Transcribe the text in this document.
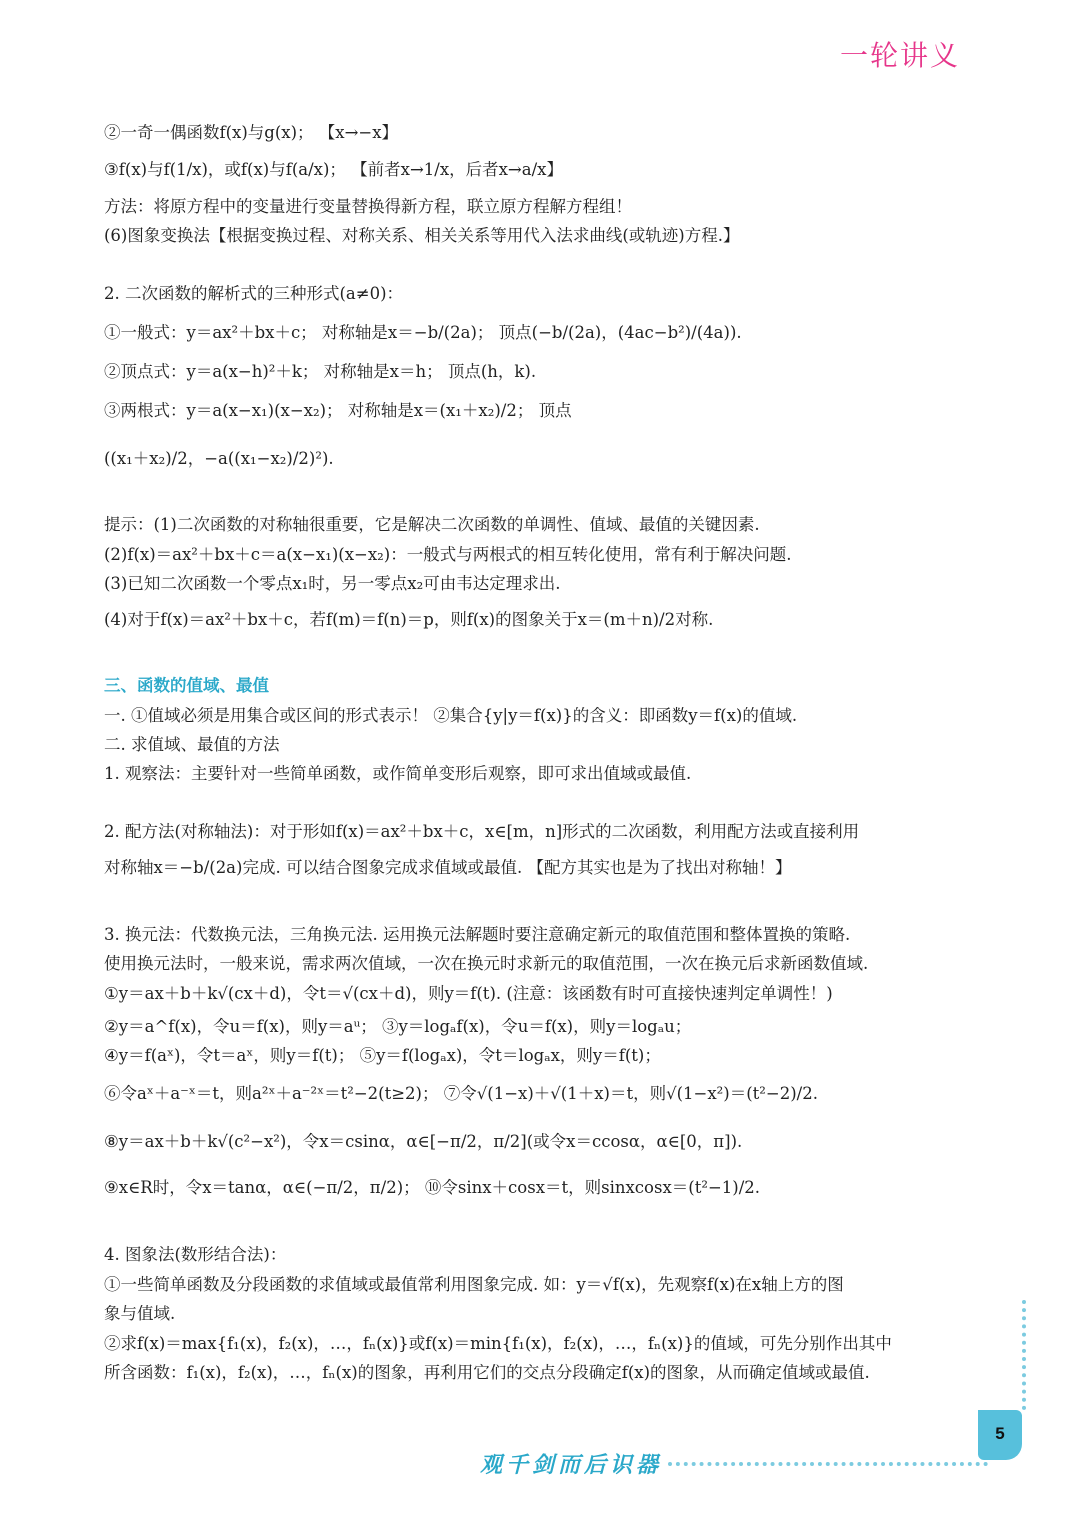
一轮讲义
②一奇一偶函数f(x)与g(x)； 【x→−x】
③f(x)与f(1/x)，或f(x)与f(a/x)； 【前者x→1/x，后者x→a/x】
方法：将原方程中的变量进行变量替换得新方程，联立原方程解方程组！
(6)图象变换法【根据变换过程、对称关系、相关关系等用代入法求曲线(或轨迹)方程.】
2. 二次函数的解析式的三种形式(a≠0)：
①一般式：y＝ax²＋bx＋c； 对称轴是x＝−b/(2a)； 顶点(−b/(2a)，(4ac−b²)/(4a)).
②顶点式：y＝a(x−h)²＋k； 对称轴是x＝h； 顶点(h，k).
③两根式：y＝a(x−x₁)(x−x₂)； 对称轴是x＝(x₁＋x₂)/2； 顶点
((x₁＋x₂)/2，−a((x₁−x₂)/2)²).
提示：(1)二次函数的对称轴很重要，它是解决二次函数的单调性、值域、最值的关键因素.
(2)f(x)＝ax²＋bx＋c＝a(x−x₁)(x−x₂)：一般式与两根式的相互转化使用，常有利于解决问题.
(3)已知二次函数一个零点x₁时，另一零点x₂可由韦达定理求出.
(4)对于f(x)＝ax²＋bx＋c，若f(m)＝f(n)＝p，则f(x)的图象关于x＝(m＋n)/2对称.
三、函数的值域、最值
一. ①值域必须是用集合或区间的形式表示！ ②集合{y|y＝f(x)}的含义：即函数y＝f(x)的值域.
二. 求值域、最值的方法
1. 观察法：主要针对一些简单函数，或作简单变形后观察，即可求出值域或最值.
2. 配方法(对称轴法)：对于形如f(x)＝ax²＋bx＋c，x∈[m，n]形式的二次函数，利用配方法或直接利用
对称轴x＝−b/(2a)完成. 可以结合图象完成求值域或最值. 【配方其实也是为了找出对称轴！】
3. 换元法：代数换元法，三角换元法. 运用换元法解题时要注意确定新元的取值范围和整体置换的策略.
使用换元法时，一般来说，需求两次值域，一次在换元时求新元的取值范围，一次在换元后求新函数值域.
①y＝ax＋b＋k√(cx＋d)，令t＝√(cx＋d)，则y＝f(t). (注意：该函数有时可直接快速判定单调性！)
②y＝a^f(x)，令u＝f(x)，则y＝aᵘ； ③y＝logₐf(x)，令u＝f(x)，则y＝logₐu；
④y＝f(aˣ)，令t＝aˣ，则y＝f(t)； ⑤y＝f(logₐx)，令t＝logₐx，则y＝f(t)；
⑥令aˣ＋a⁻ˣ＝t，则a²ˣ＋a⁻²ˣ＝t²−2(t≥2)； ⑦令√(1−x)＋√(1＋x)＝t，则√(1−x²)＝(t²−2)/2.
⑧y＝ax＋b＋k√(c²−x²)，令x＝csinα，α∈[−π/2，π/2](或令x＝ccosα，α∈[0，π]).
⑨x∈R时，令x＝tanα，α∈(−π/2，π/2)； ⑩令sinx＋cosx＝t，则sinxcosx＝(t²−1)/2.
4. 图象法(数形结合法)：
①一些简单函数及分段函数的求值域或最值常利用图象完成. 如：y＝√f(x)，先观察f(x)在x轴上方的图
象与值域.
②求f(x)＝max{f₁(x)，f₂(x)，…，fₙ(x)}或f(x)＝min{f₁(x)，f₂(x)，…，fₙ(x)}的值域，可先分别作出其中
所含函数：f₁(x)，f₂(x)，…，fₙ(x)的图象，再利用它们的交点分段确定f(x)的图象，从而确定值域或最值.
5
观千剑而后识器
